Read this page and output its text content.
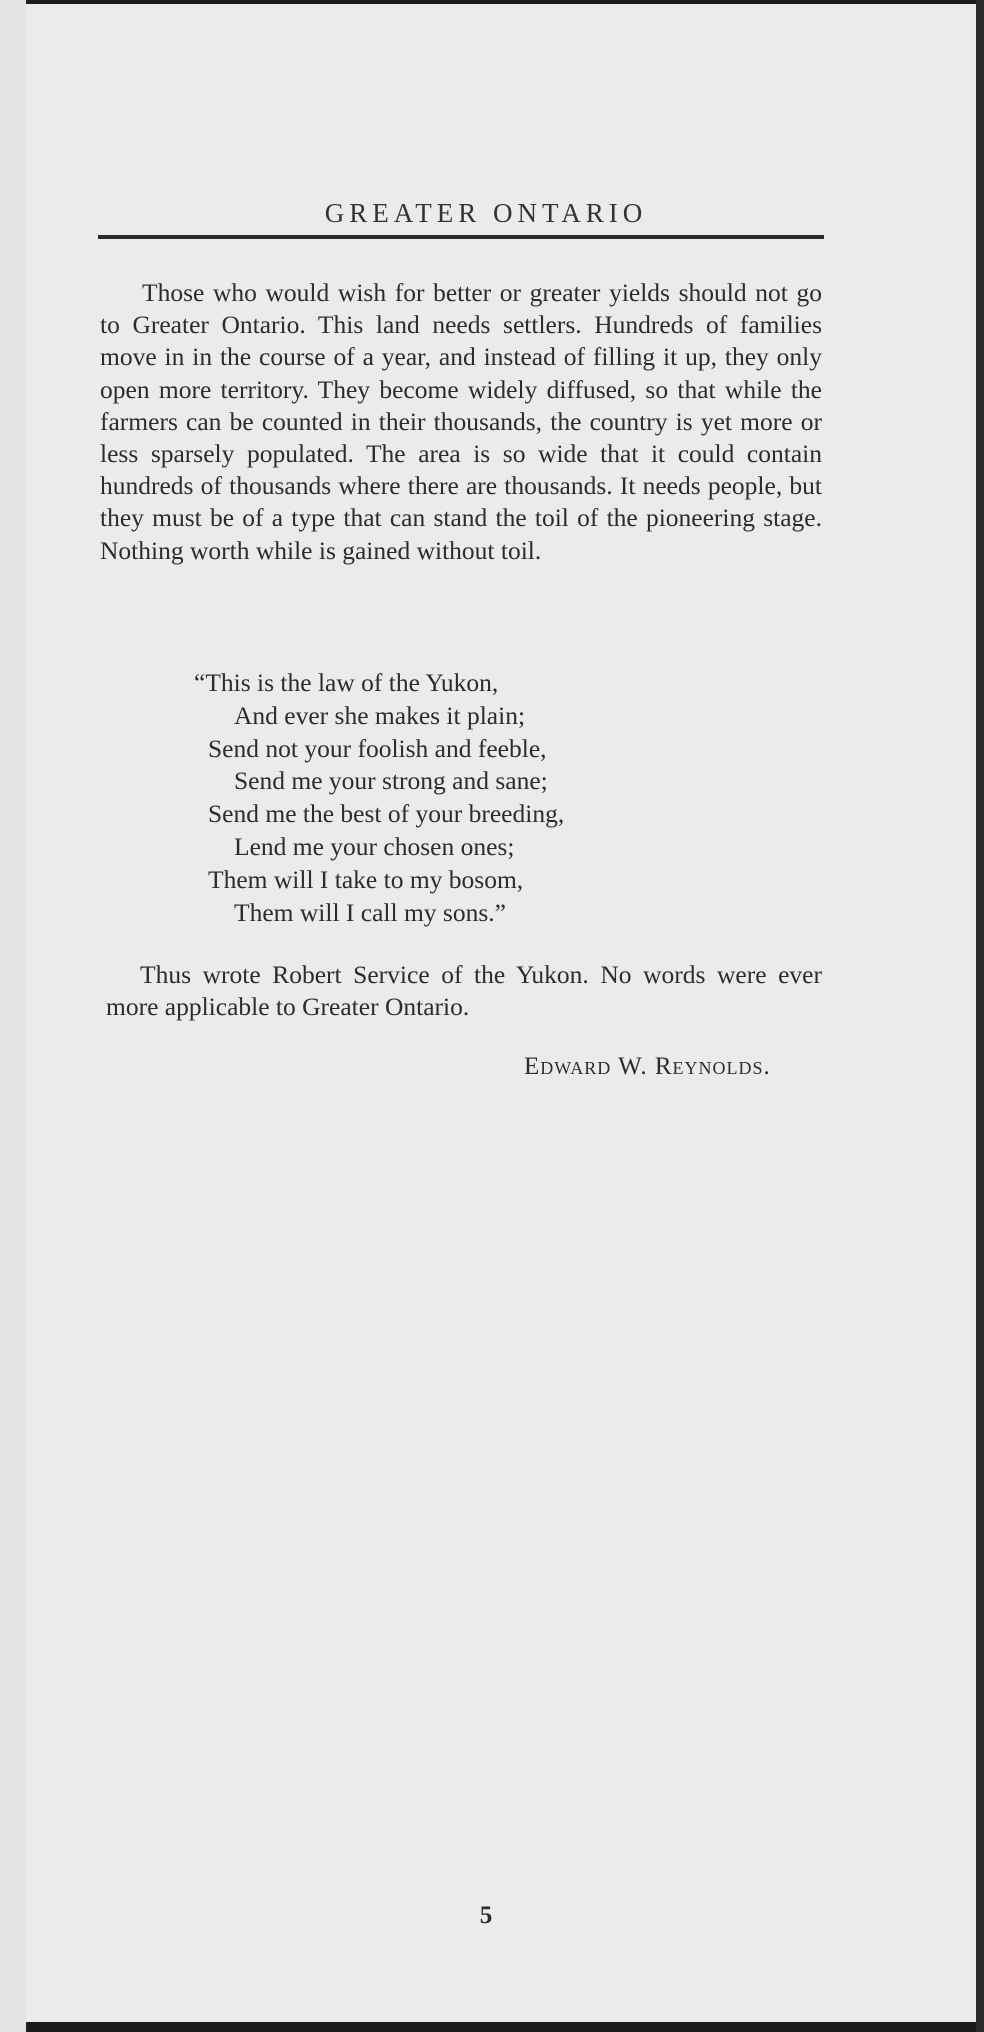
GREATER ONTARIO

Those who would wish for better or greater yields should not go to Greater Ontario. This land needs settlers. Hundreds of families move in in the course of a year, and instead of filling it up, they only open more territory. They become widely diffused, so that while the farmers can be counted in their thousands, the country is yet more or less sparsely populated. The area is so wide that it could contain hundreds of thousands where there are thousands. It needs people, but they must be of a type that can stand the toil of the pioneering stage. Nothing worth while is gained without toil.

“This is the law of the Yukon,
And ever she makes it plain;
Send not your foolish and feeble,
Send me your strong and sane;
Send me the best of your breeding,
Lend me your chosen ones;
Them will I take to my bosom,
Them will I call my sons.”

Thus wrote Robert Service of the Yukon. No words were ever more applicable to Greater Ontario.

Edward W. Reynolds.
5
